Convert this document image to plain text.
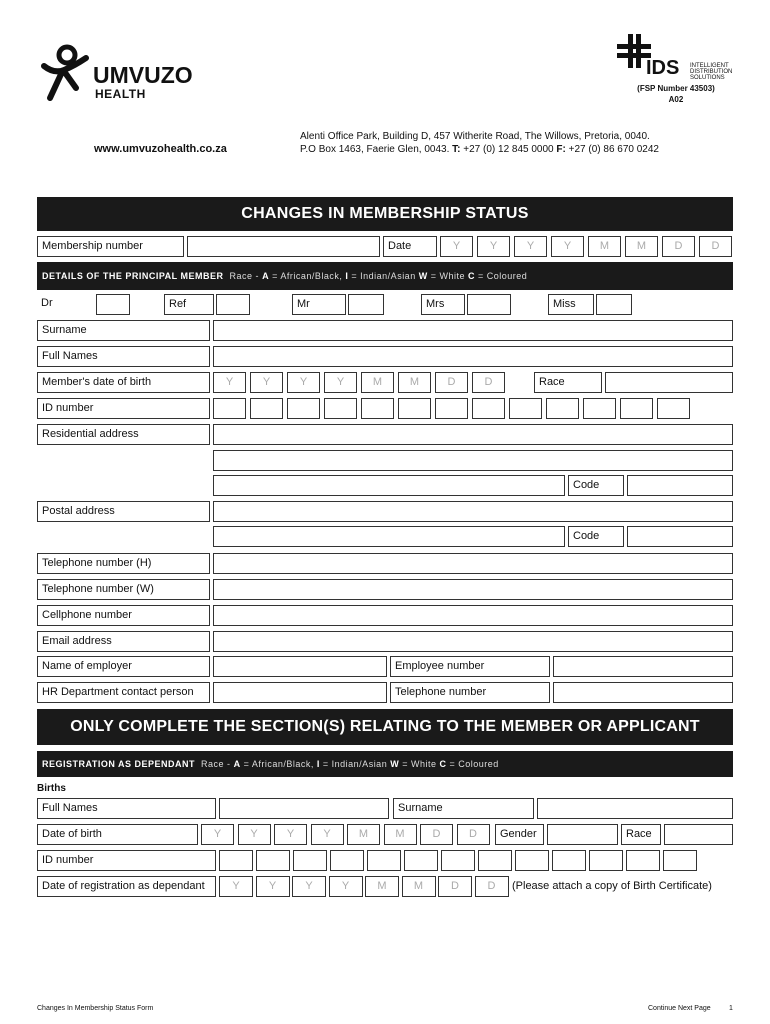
UMVUZO
HEALTH
IDS INTELLIGENT
DISTRIBUTION
SOLUTIONS
(FSP Number 43503)
A02
www.umvuzohealth.co.za
Alenti Office Park, Building D, 457 Witherite Road, The Willows, Pretoria, 0040.
P.O Box 1463, Faerie Glen, 0043. T: +27 (0) 12 845 0000 F: +27 (0) 86 670 0242
CHANGES IN MEMBERSHIP STATUS
Membership number	Date	Y	Y	Y	Y	M	M	D	D
DETAILS OF THE PRINCIPAL MEMBER Race - A = African/Black, I = Indian/Asian W = White C = Coloured
Dr	Ref	Mr	Mrs	Miss
Surname
Full Names
Member's date of birth	Y	Y	Y	Y	M	M	D	D	Race
ID number
Residential address
Code
Postal address
Code
Telephone number (H)
Telephone number (W)
Cellphone number
Email address
Name of employer	Employee number
HR Department contact person	Telephone number
ONLY COMPLETE THE SECTION(S) RELATING TO THE MEMBER OR APPLICANT
REGISTRATION AS DEPENDANT Race - A = African/Black, I = Indian/Asian W = White C = Coloured
Births
Full Names	Surname
Date of birth	Y	Y	Y	Y	M	M	D	D	Gender	Race
ID number
Date of registration as dependant	Y	Y	Y	Y	M	M	D	D	(Please attach a copy of Birth Certificate)
Changes In Membership Status Form	Continue Next Page	1
